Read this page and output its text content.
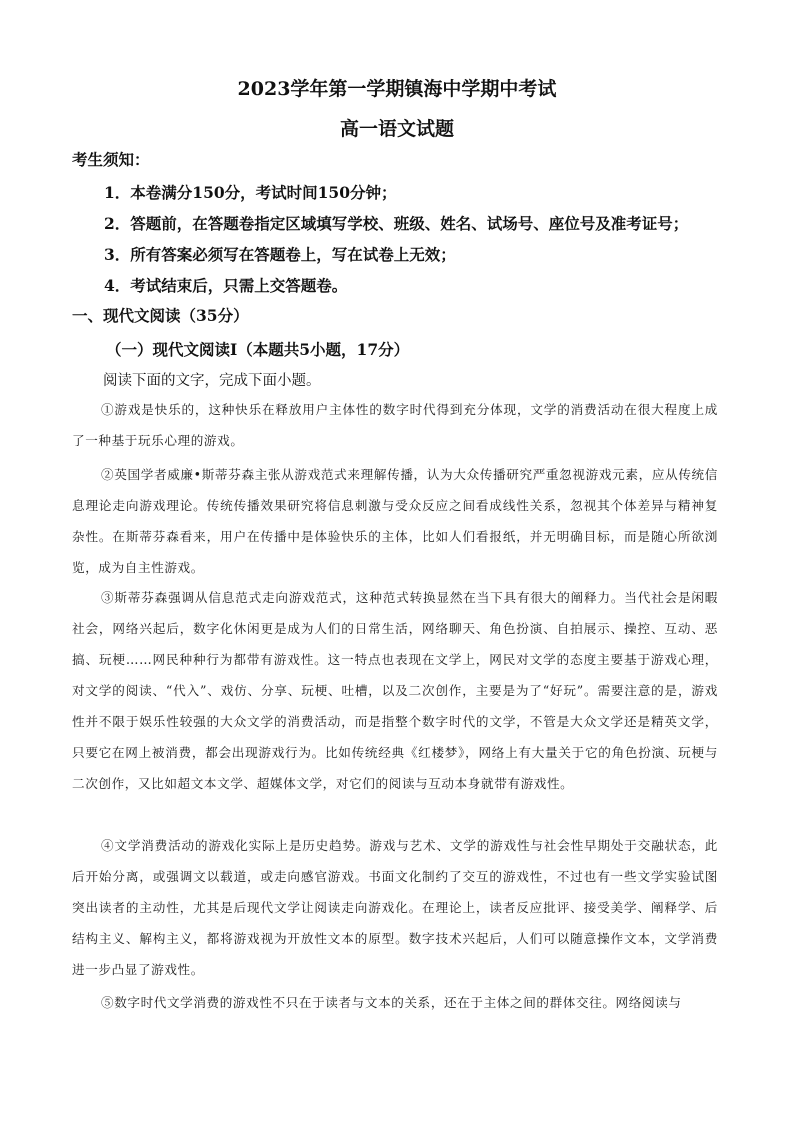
2023学年第一学期镇海中学期中考试
高一语文试题
考生须知：
1．本卷满分150分，考试时间150分钟；
2．答题前，在答题卷指定区域填写学校、班级、姓名、试场号、座位号及准考证号；
3．所有答案必须写在答题卷上，写在试卷上无效；
4．考试结束后，只需上交答题卷。
一、现代文阅读（35分）
（一）现代文阅读Ⅰ（本题共5小题，17分）
阅读下面的文字，完成下面小题。
①游戏是快乐的，这种快乐在释放用户主体性的数字时代得到充分体现，文学的消费活动在很大程度上成了一种基于玩乐心理的游戏。
②英国学者威廉•斯蒂芬森主张从游戏范式来理解传播，认为大众传播研究严重忽视游戏元素，应从传统信息理论走向游戏理论。传统传播效果研究将信息刺激与受众反应之间看成线性关系，忽视其个体差异与精神复杂性。在斯蒂芬森看来，用户在传播中是体验快乐的主体，比如人们看报纸，并无明确目标，而是随心所欲浏览，成为自主性游戏。
③斯蒂芬森强调从信息范式走向游戏范式，这种范式转换显然在当下具有很大的阐释力。当代社会是闲暇社会，网络兴起后，数字化休闲更是成为人们的日常生活，网络聊天、角色扮演、自拍展示、操控、互动、恶搞、玩梗……网民种种行为都带有游戏性。这一特点也表现在文学上，网民对文学的态度主要基于游戏心理，对文学的阅读、“代入”、戏仿、分享、玩梗、吐槽，以及二次创作，主要是为了“好玩”。需要注意的是，游戏性并不限于娱乐性较强的大众文学的消费活动，而是指整个数字时代的文学，不管是大众文学还是精英文学，只要它在网上被消费，都会出现游戏行为。比如传统经典《红楼梦》，网络上有大量关于它的角色扮演、玩梗与二次创作，又比如超文本文学、超媒体文学，对它们的阅读与互动本身就带有游戏性。
④文学消费活动的游戏化实际上是历史趋势。游戏与艺术、文学的游戏性与社会性早期处于交融状态，此后开始分离，或强调文以载道，或走向感官游戏。书面文化制约了交互的游戏性，不过也有一些文学实验试图突出读者的主动性，尤其是后现代文学让阅读走向游戏化。在理论上，读者反应批评、接受美学、阐释学、后结构主义、解构主义，都将游戏视为开放性文本的原型。数字技术兴起后，人们可以随意操作文本，文学消费进一步凸显了游戏性。
⑤数字时代文学消费的游戏性不只在于读者与文本的关系，还在于主体之间的群体交往。网络阅读与
